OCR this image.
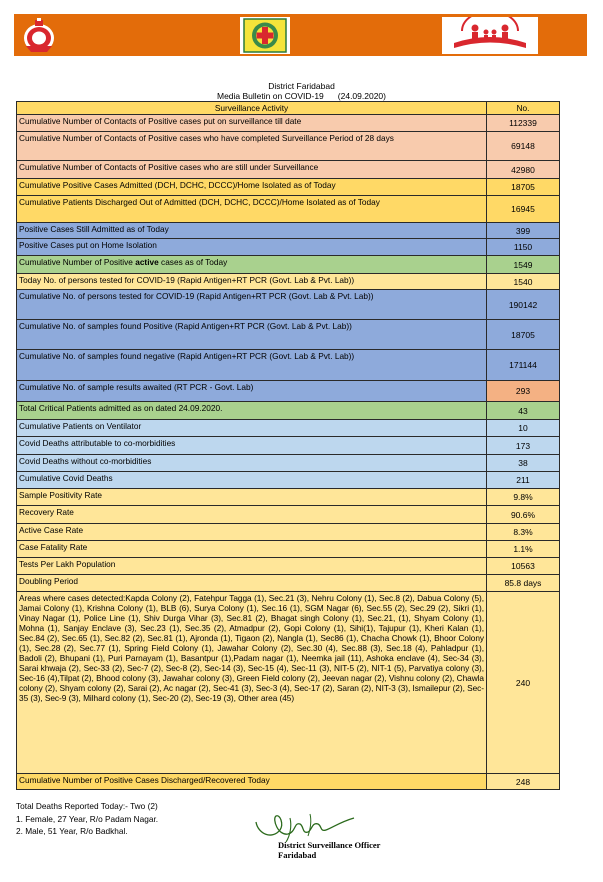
District Faridabad
Media Bulletin on COVID-19 (24.09.2020)
Surveillance Activity	No.
Cumulative Number of Contacts of Positive cases put on surveillance till date	112339
Cumulative Number of Contacts of Positive cases who have completed Surveillance Period of 28 days	69148
Cumulative Number of Contacts of Positive cases who are still under Surveillance	42980
Cumulative Positive Cases Admitted (DCH, DCHC, DCCC)/Home Isolated as of Today	18705
Cumulative Patients Discharged Out of Admitted (DCH, DCHC, DCCC)/Home Isolated as of Today	16945
Positive Cases Still Admitted as of Today	399
Positive Cases put on Home Isolation	1150
Cumulative Number of Positive active cases as of Today	1549
Today No. of persons tested for COVID-19 (Rapid Antigen+RT PCR (Govt. Lab & Pvt. Lab))	1540
Cumulative No. of persons tested for COVID-19 (Rapid Antigen+RT PCR (Govt. Lab & Pvt. Lab))	190142
Cumulative No. of samples found Positive (Rapid Antigen+RT PCR (Govt. Lab & Pvt. Lab))	18705
Cumulative No. of samples found negative (Rapid Antigen+RT PCR (Govt. Lab & Pvt. Lab))	171144
Cumulative No. of sample results awaited (RT PCR - Govt. Lab)	293
Total Critical Patients admitted as on dated 24.09.2020.	43
Cumulative Patients on Ventilator	10
Covid Deaths attributable to co-morbidities	173
Covid Deaths without co-morbidities	38
Cumulative Covid Deaths	211
Sample Positivity Rate	9.8%
Recovery Rate	90.6%
Active Case Rate	8.3%
Case Fatality Rate	1.1%
Tests Per Lakh Population	10563
Doubling Period	85.8 days
Areas where cases detected:Kapda Colony (2), Fatehpur Tagga (1), Sec.21 (3), Nehru Colony (1), Sec.8 (2), Dabua Colony (5), Jamai Colony (1), Krishna Colony (1), BLB (6), Surya Colony (1), Sec.16 (1), SGM Nagar (6), Sec.55 (2), Sec.29 (2), Sikri (1), Vinay Nagar (1), Police Line (1), Shiv Durga Vihar (3), Sec.81 (2), Bhagat singh Colony (1), Sec.21, (1), Shyam Colony (1), Mohna (1), Sanjay Enclave (3), Sec.23 (1), Sec.35 (2), Atmadpur (2), Gopi Colony (1), Sihi(1), Tajupur (1), Kheri Kalan (1), Sec.84 (2), Sec.65 (1), Sec.82 (2), Sec.81 (1), Ajronda (1), Tigaon (2), Nangla (1), Sec86 (1), Chacha Chowk (1), Bhoor Colony (1), Sec.28 (2), Sec.77 (1), Spring Field Colony (1), Jawahar Colony (2), Sec.30 (4), Sec.88 (3), Sec.18 (4), Pahladpur (1), Badoli (2), Bhupani (1), Puri Parnayam (1), Basantpur (1),Padam nagar (1), Neemka jail (11), Ashoka enclave (4), Sec-34 (3), Sarai khwaja (2), Sec-33 (2), Sec-7 (2), Sec-8 (2), Sec-14 (3), Sec-15 (4), Sec-11 (3), NIT-5 (2), NIT-1 (5), Parvatiya colony (3), Sec-16 (4),Tilpat (2), Bhood colony (3), Jawahar colony (3), Green Field colony (2), Jeevan nagar (2), Vishnu colony (2), Chawla colony (2), Shyam colony (2), Sarai (2), Ac nagar (2), Sec-41 (3), Sec-3 (4), Sec-17 (2), Saran (2), NIT-3 (3), Ismailepur (2), Sec-35 (3), Sec-9 (3), Milhard colony (1), Sec-20 (2), Sec-19 (3), Other area (45)	240
Cumulative Number of Positive Cases Discharged/Recovered Today	248
Total Deaths Reported Today:- Two (2)
1. Female, 27 Year, R/o Padam Nagar.
2. Male, 51 Year, R/o Badkhal.
District Surveillance Officer
Faridabad
